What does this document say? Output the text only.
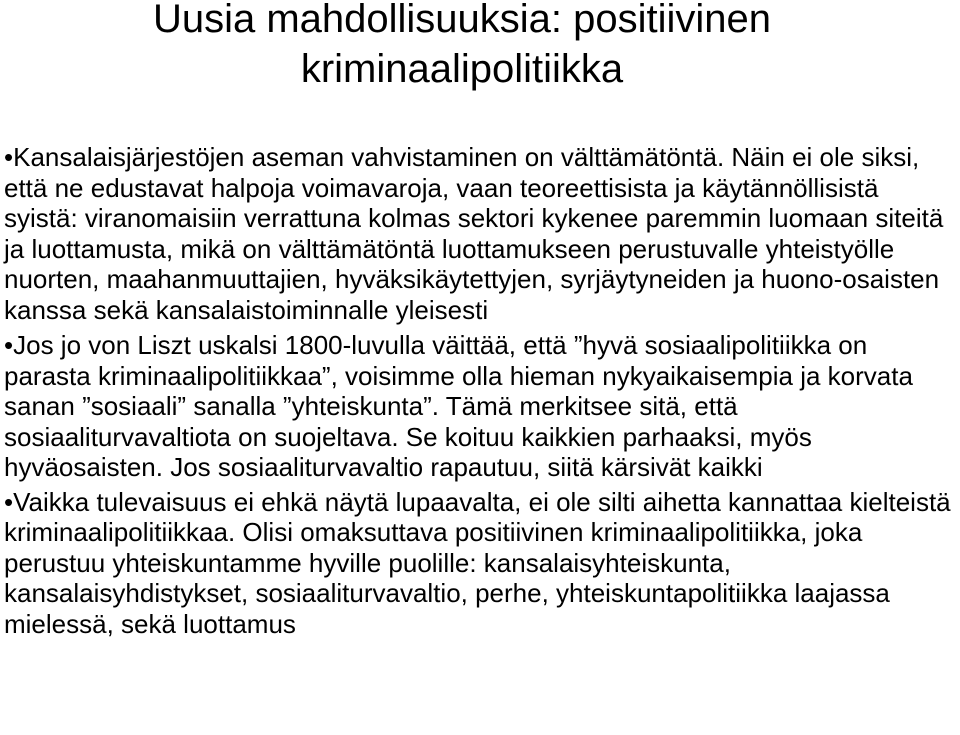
Uusia mahdollisuuksia: positiivinen
kriminaalipolitiikka
•Kansalaisjärjestöjen aseman vahvistaminen on välttämätöntä. Näin ei ole siksi, että ne edustavat halpoja voimavaroja, vaan teoreettisista ja käytännöllisistä syistä: viranomaisiin verrattuna kolmas sektori kykenee paremmin luomaan siteitä ja luottamusta, mikä on välttämätöntä luottamukseen perustuvalle yhteistyölle nuorten, maahanmuuttajien, hyväksikäytettyjen, syrjäytyneiden ja huono-osaisten kanssa sekä kansalaistoiminnalle yleisesti
•Jos jo von Liszt uskalsi 1800-luvulla väittää, että ”hyvä sosiaalipolitiikka on parasta kriminaalipolitiikkaa”, voisimme olla hieman nykyaikaisempia ja korvata sanan ”sosiaali” sanalla ”yhteiskunta”. Tämä merkitsee sitä, että sosiaaliturvavaltiota on suojeltava. Se koituu kaikkien parhaaksi, myös hyväosaisten. Jos sosiaaliturvavaltio rapautuu, siitä kärsivät kaikki
•Vaikka tulevaisuus ei ehkä näytä lupaavalta, ei ole silti aihetta kannattaa kielteistä kriminaalipolitiikkaa. Olisi omaksuttava positiivinen kriminaalipolitiikka, joka perustuu yhteiskuntamme hyville puolille: kansalaisyhteiskunta, kansalaisyhdistykset, sosiaaliturvavaltio, perhe, yhteiskuntapolitiikka laajassa mielessä, sekä luottamus
